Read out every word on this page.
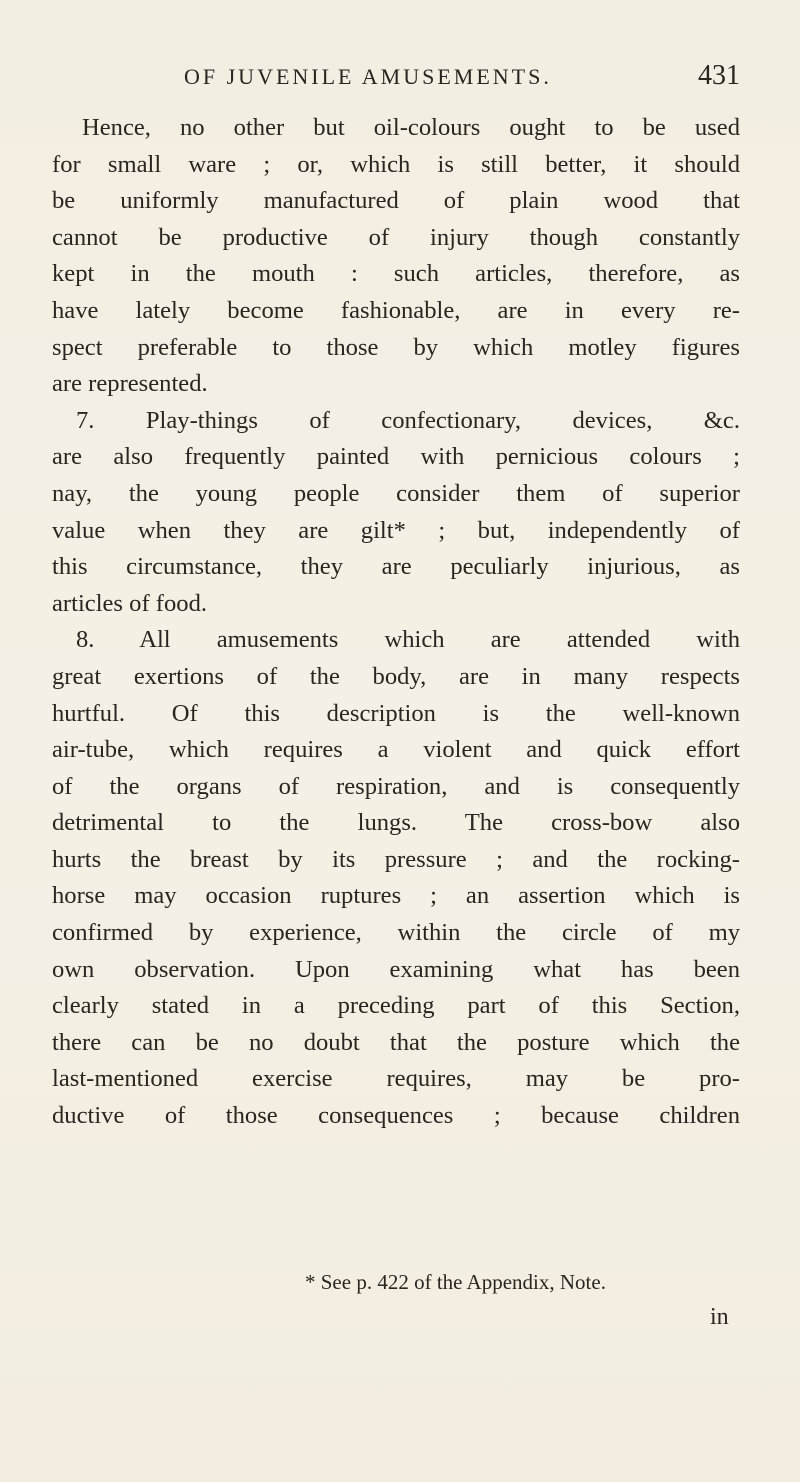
OF JUVENILE AMUSEMENTS.	431
Hence, no other but oil-colours ought to be used
for small ware ; or, which is still better, it should
be uniformly manufactured of plain wood that
cannot be productive of injury though constantly
kept in the mouth : such articles, therefore, as
have lately become fashionable, are in every re-
spect preferable to those by which motley figures
are represented.
7. Play-things of confectionary, devices, &c.
are also frequently painted with pernicious colours ;
nay, the young people consider them of superior
value when they are gilt* ; but, independently of
this circumstance, they are peculiarly injurious, as
articles of food.
8. All amusements which are attended with
great exertions of the body, are in many respects
hurtful. Of this description is the well-known
air-tube, which requires a violent and quick effort
of the organs of respiration, and is consequently
detrimental to the lungs. The cross-bow also
hurts the breast by its pressure ; and the rocking-
horse may occasion ruptures ; an assertion which is
confirmed by experience, within the circle of my
own observation. Upon examining what has been
clearly stated in a preceding part of this Section,
there can be no doubt that the posture which the
last-mentioned exercise requires, may be pro-
ductive of those consequences ; because children
* See p. 422 of the Appendix, Note.
in
